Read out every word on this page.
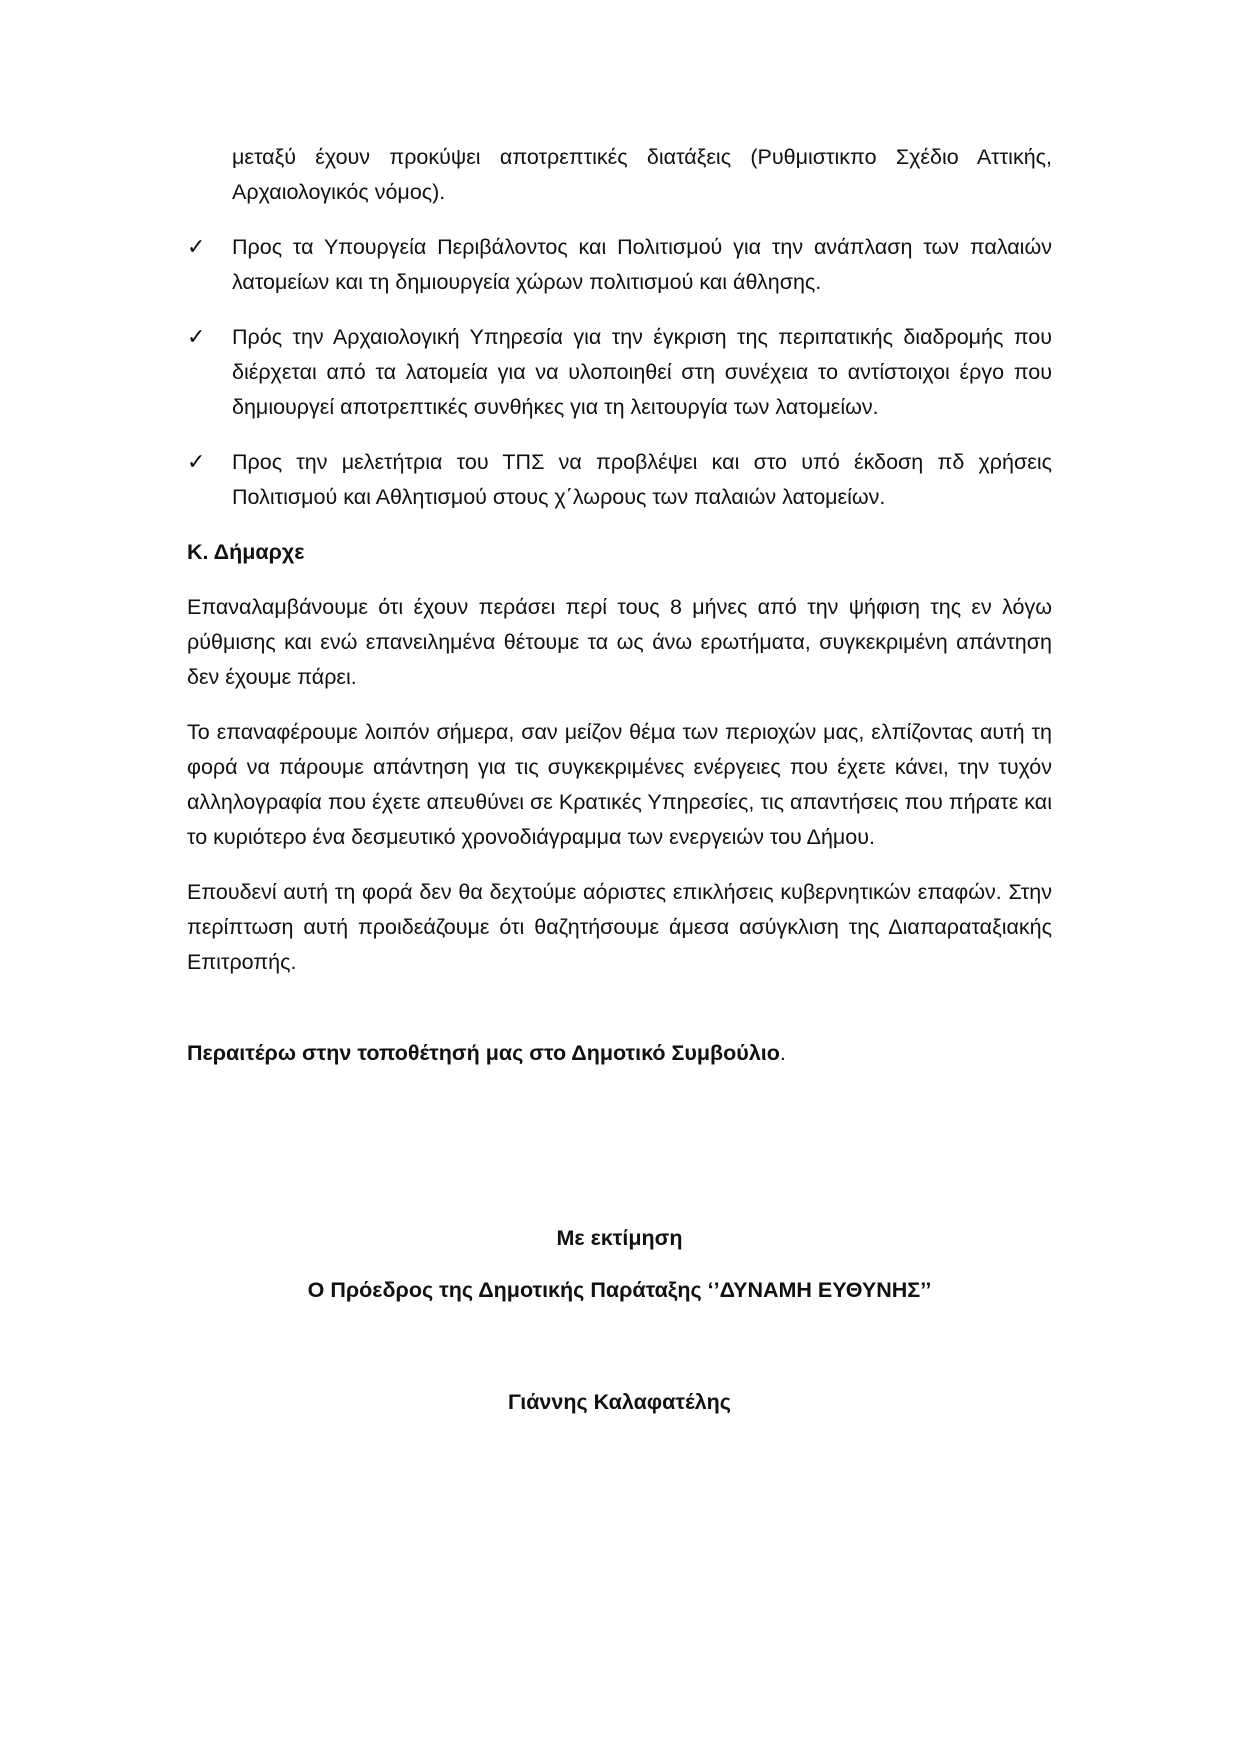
μεταξύ έχουν προκύψει αποτρεπτικές διατάξεις (Ρυθμιστικπο Σχέδιο Αττικής, Αρχαιολογικός νόμος).

✓ Προς τα Υπουργεία Περιβάλοντος και Πολιτισμού για την ανάπλαση των παλαιών λατομείων και τη δημιουργεία χώρων πολιτισμού και άθλησης.

✓ Πρός την Αρχαιολογική Υπηρεσία για την έγκριση της περιπατικής διαδρομής που διέρχεται από τα λατομεία για να υλοποιηθεί στη συνέχεια το αντίστοιχοι έργο που δημιουργεί αποτρεπτικές συνθήκες για τη λειτουργία των λατομείων.

✓ Προς την μελετήτρια του ΤΠΣ να προβλέψει και στο υπό έκδοση πδ χρήσεις Πολιτισμού και Αθλητισμού στους χ΄λωρους των παλαιών λατομείων.

Κ. Δήμαρχε

Επαναλαμβάνουμε ότι έχουν περάσει περί τους 8 μήνες από την ψήφιση της εν λόγω ρύθμισης και ενώ επανειλημένα θέτουμε τα ως άνω ερωτήματα, συγκεκριμένη απάντηση δεν έχουμε πάρει.

Το επαναφέρουμε λοιπόν σήμερα, σαν μείζον θέμα των περιοχών μας, ελπίζοντας αυτή τη φορά να πάρουμε απάντηση για τις συγκεκριμένες ενέργειες που έχετε κάνει, την τυχόν αλληλογραφία που έχετε απευθύνει σε Κρατικές Υπηρεσίες, τις απαντήσεις που πήρατε και το κυριότερο ένα δεσμευτικό χρονοδιάγραμμα των ενεργειών του Δήμου.

Επουδενί αυτή τη φορά δεν θα δεχτούμε αόριστες επικλήσεις κυβερνητικών επαφών. Στην περίπτωση αυτή προιδεάζουμε ότι θαζητήσουμε άμεσα ασύγκλιση της Διαπαραταξιακής Επιτροπής.

Περαιτέρω στην τοποθέτησή μας στο Δημοτικό Συμβούλιο.

Με εκτίμηση
Ο Πρόεδρος της Δημοτικής Παράταξης ‘’ΔΥΝΑΜΗ ΕΥΘΥΝΗΣ’’
Γιάννης Καλαφατέλης
